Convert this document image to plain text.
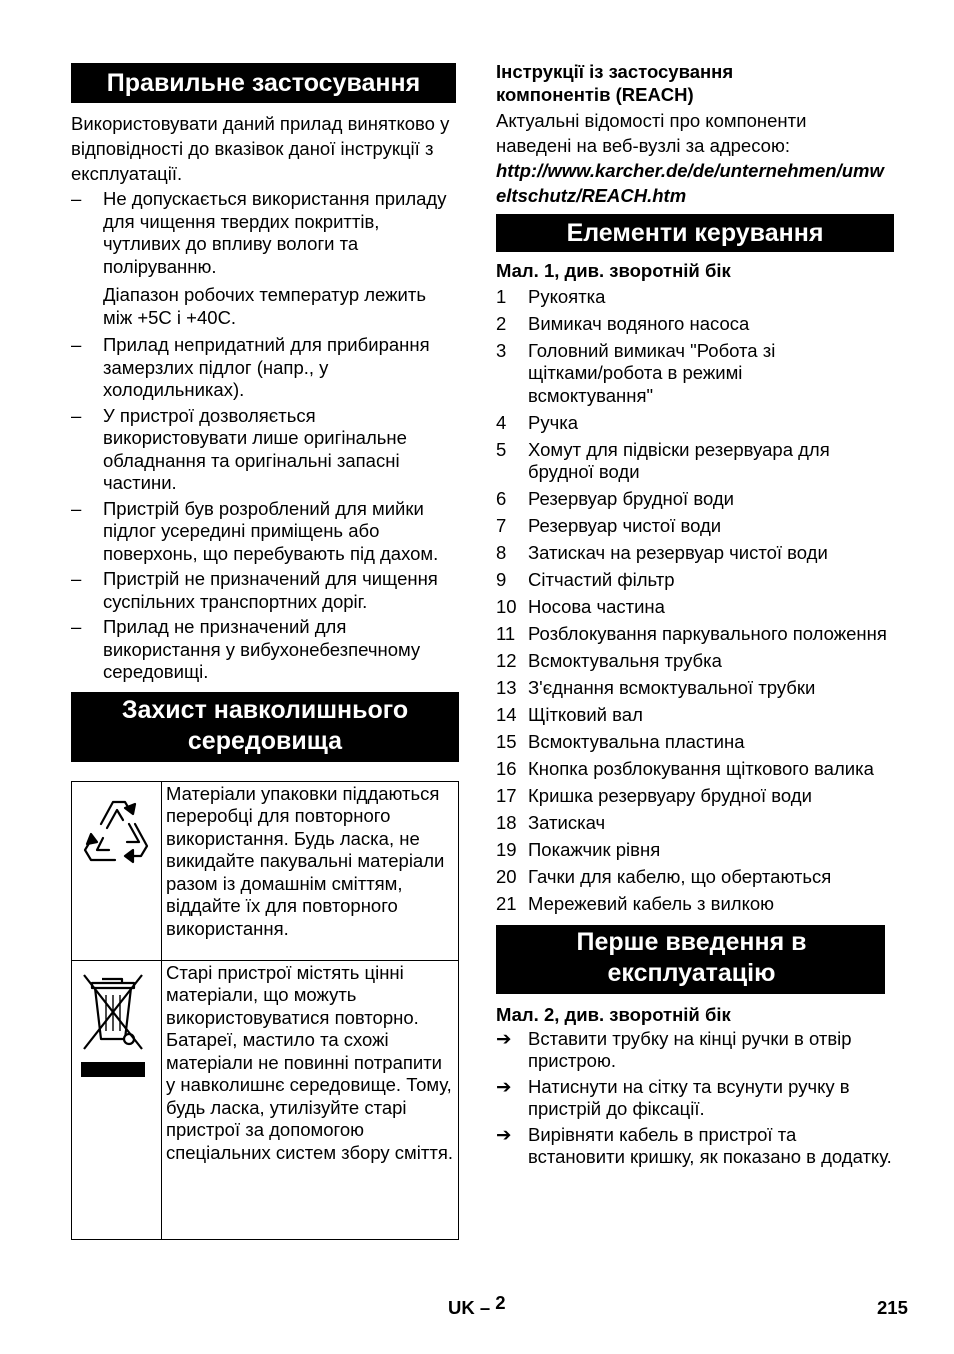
Правильне застосування

Використовувати даний прилад винятково у відповідності до вказівок даної інструкції з експлуатації.

–	Не допускається використання приладу для чищення твердих покриттів, чутливих до впливу вологи та поліруванню.

Діапазон робочих температур лежить між +5С і +40С.

–	Прилад непридатний для прибирання замерзлих підлог (напр., у холодильниках).
–	У пристрої дозволяється використовувати лише оригінальне обладнання та оригінальні запасні частини.
–	Пристрій був розроблений для мийки підлог усередині приміщень або поверхонь, що перебувають під дахом.
–	Пристрій не призначений для чищення суспільних транспортних доріг.
–	Прилад не призначений для використання у вибухонебезпечному середовищі.
Захист навколишнього середовища
	Матеріали упаковки піддаються переробці для повторного використання. Будь ласка, не викидайте пакувальні матеріали разом із домашнім сміттям, віддайте їх для повторного використання.

	Старі пристрої містять цінні матеріали, що можуть використовуватися повторно. Батареї, мастило та схожі матеріали не повинні потрапити у навколишнє середовище. Тому, будь ласка, утилізуйте старі пристрої за допомогою спеціальних систем збору сміття.

Інструкції із застосування компонентів (REACH)

Актуальні відомості про компоненти наведені на веб-вузлі за адресою:

http://www.karcher.de/de/unternehmen/umweltschutz/REACH.htm

Елементи керування

Мал. 1, див. зворотній бік

1 Рукоятка
2 Вимикач водяного насоса
3 Головний вимикач "Робота зі щітками/робота в режимі всмоктування"
4 Ручка
5 Хомут для підвіски резервуара для брудної води
6 Резервуар брудної води
7 Резервуар чистої води
8 Затискач на резервуар чистої води
9 Сітчастий фільтр
10 Носова частина
11 Розблокування паркувального положення
12 Всмоктувальня трубка
13 З'єднання всмоктувальної трубки
14 Щітковий вал
15 Всмоктувальна пластина
16 Кнопка розблокування щіткового валика
17 Кришка резервуару брудної води
18 Затискач
19 Покажчик рівня
20 Гачки для кабелю, що обертаються
21 Мережевий кабель з вилкою
Перше введення в експлуатацію

Мал. 2, див. зворотній бік

➔ Вставити трубку на кінці ручки в отвір пристрою.
➔ Натиснути на сітку та всунути ручку в пристрій до фіксації.
➔ Вирівняти кабель в пристрої та встановити кришку, як показано в додатку.
UK – 2	215
